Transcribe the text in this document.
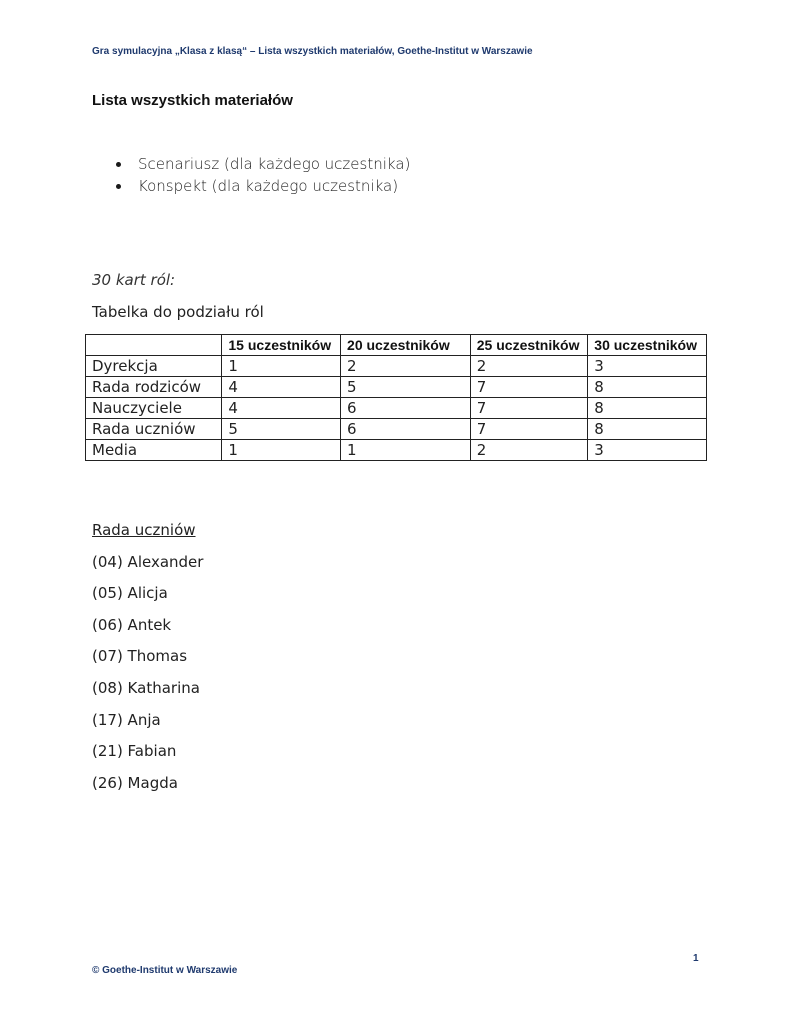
Gra symulacyjna „Klasa z klasą“ – Lista wszystkich materiałów, Goethe-Institut w Warszawie
Lista wszystkich materiałów
Scenariusz (dla każdego uczestnika)
Konspekt (dla każdego uczestnika)
30 kart ról:
Tabelka do podziału ról
	15 uczestników	20 uczestników	25 uczestników	30 uczestników
Dyrekcja	1	2	2	3
Rada rodziców	4	5	7	8
Nauczyciele	4	6	7	8
Rada uczniów	5	6	7	8
Media	1	1	2	3
Rada uczniów
(04) Alexander
(05) Alicja
(06) Antek
(07) Thomas
(08) Katharina
(17) Anja
(21) Fabian
(26) Magda
1
© Goethe-Institut w Warszawie
